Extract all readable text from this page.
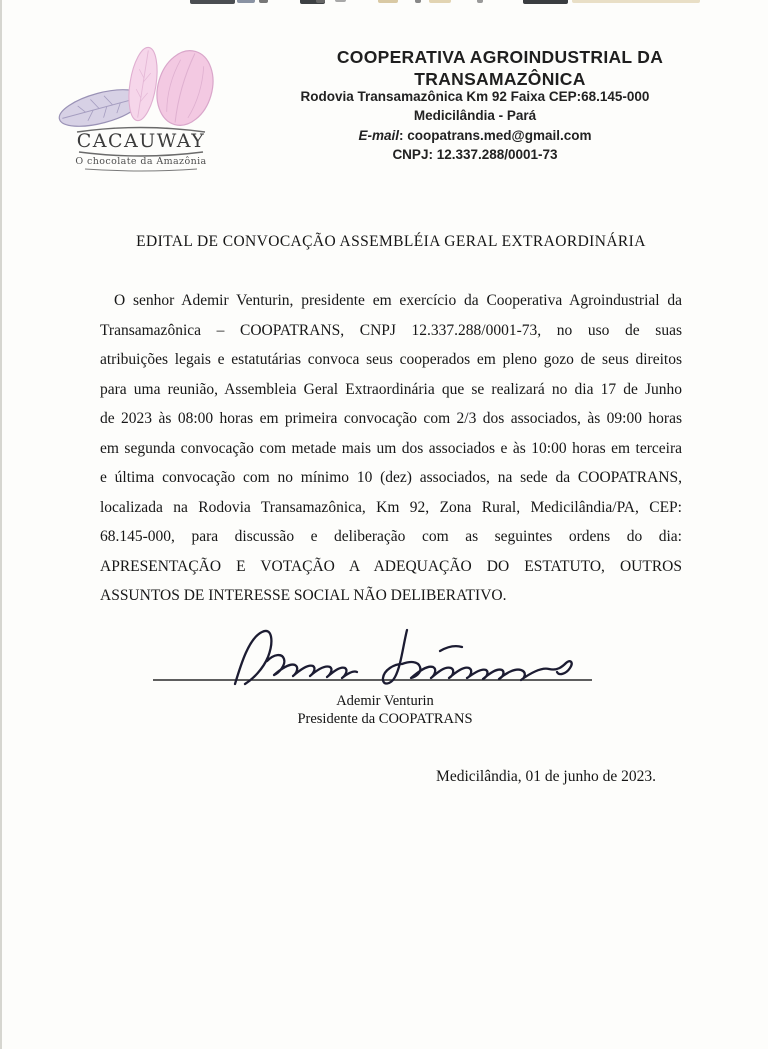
CACAUWAY
O chocolate da Amazônia
COOPERATIVA AGROINDUSTRIAL DA TRANSAMAZÔNICA
Rodovia Transamazônica Km 92 Faixa CEP:68.145-000
Medicilândia - Pará
E-mail: coopatrans.med@gmail.com
CNPJ: 12.337.288/0001-73
EDITAL DE CONVOCAÇÃO ASSEMBLÉIA GERAL EXTRAORDINÁRIA
O senhor Ademir Venturin, presidente em exercício da Cooperativa Agroindustrial da
Transamazônica – COOPATRANS, CNPJ 12.337.288/0001-73, no uso de suas
atribuições legais e estatutárias convoca seus cooperados em pleno gozo de seus direitos
para uma reunião, Assembleia Geral Extraordinária que se realizará no dia 17 de Junho
de 2023 às 08:00 horas em primeira convocação com 2/3 dos associados, às 09:00 horas
em segunda convocação com metade mais um dos associados e às 10:00 horas em terceira
e última convocação com no mínimo 10 (dez) associados, na sede da COOPATRANS,
localizada na Rodovia Transamazônica, Km 92, Zona Rural, Medicilândia/PA, CEP:
68.145-000, para discussão e deliberação com as seguintes ordens do dia:
APRESENTAÇÃO E VOTAÇÃO A ADEQUAÇÃO DO ESTATUTO, OUTROS
ASSUNTOS DE INTERESSE SOCIAL NÃO DELIBERATIVO.
Ademir Venturin
Presidente da COOPATRANS
Medicilândia, 01 de junho de 2023.
